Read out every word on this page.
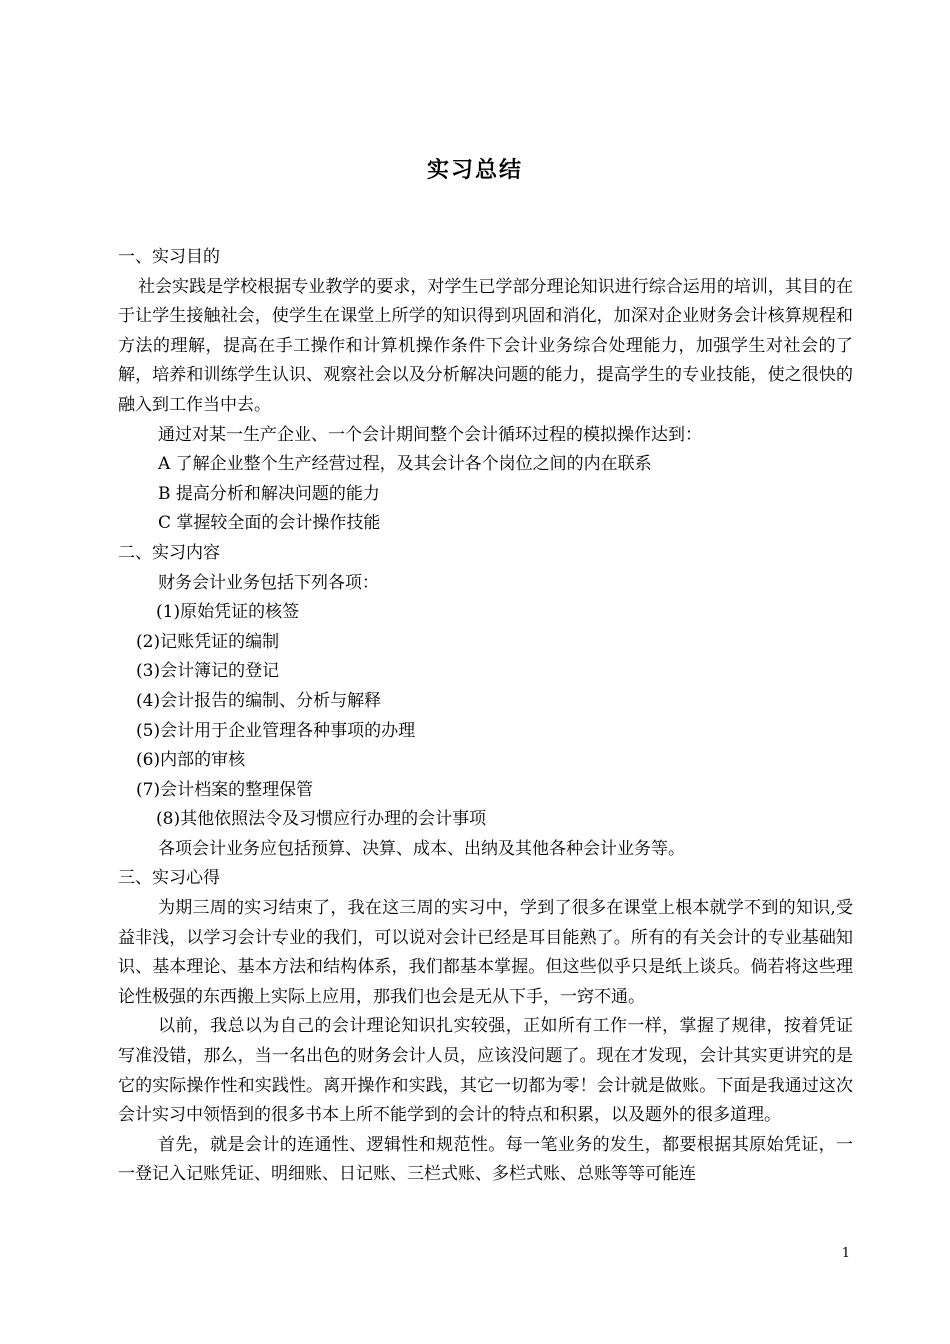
实习总结

一、实习目的

社会实践是学校根据专业教学的要求，对学生已学部分理论知识进行综合运用的培训，其目的在于让学生接触社会，使学生在课堂上所学的知识得到巩固和消化，加深对企业财务会计核算规程和方法的理解，提高在手工操作和计算机操作条件下会计业务综合处理能力，加强学生对社会的了解，培养和训练学生认识、观察社会以及分析解决问题的能力，提高学生的专业技能，使之很快的融入到工作当中去。

通过对某一生产企业、一个会计期间整个会计循环过程的模拟操作达到：

A 了解企业整个生产经营过程，及其会计各个岗位之间的内在联系

B 提高分析和解决问题的能力

C 掌握较全面的会计操作技能

二、实习内容

财务会计业务包括下列各项：

(1)原始凭证的核签

(2)记账凭证的编制

(3)会计簿记的登记

(4)会计报告的编制、分析与解释

(5)会计用于企业管理各种事项的办理

(6)内部的审核

(7)会计档案的整理保管

(8)其他依照法令及习惯应行办理的会计事项

各项会计业务应包括预算、决算、成本、出纳及其他各种会计业务等。

三、实习心得

为期三周的实习结束了，我在这三周的实习中，学到了很多在课堂上根本就学不到的知识,受益非浅，以学习会计专业的我们，可以说对会计已经是耳目能熟了。所有的有关会计的专业基础知识、基本理论、基本方法和结构体系，我们都基本掌握。但这些似乎只是纸上谈兵。倘若将这些理论性极强的东西搬上实际上应用，那我们也会是无从下手，一窍不通。

以前，我总以为自己的会计理论知识扎实较强，正如所有工作一样，掌握了规律，按着凭证写准没错，那么，当一名出色的财务会计人员，应该没问题了。现在才发现，会计其实更讲究的是它的实际操作性和实践性。离开操作和实践，其它一切都为零！会计就是做账。下面是我通过这次会计实习中领悟到的很多书本上所不能学到的会计的特点和积累，以及题外的很多道理。

首先，就是会计的连通性、逻辑性和规范性。每一笔业务的发生，都要根据其原始凭证，一一登记入记账凭证、明细账、日记账、三栏式账、多栏式账、总账等等可能连

1
